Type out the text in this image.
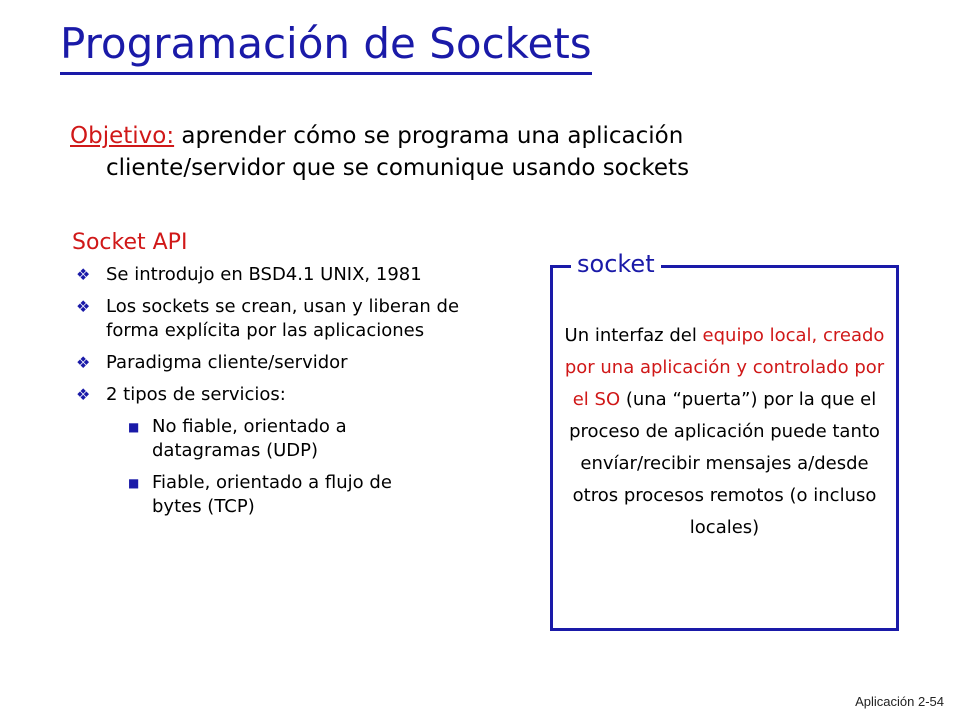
Programación de Sockets
Objetivo: aprender cómo se programa una aplicación
cliente/servidor que se comunique usando sockets
Socket API
❖ Se introdujo en BSD4.1 UNIX, 1981
❖ Los sockets se crean, usan y liberan de forma explícita por las aplicaciones
❖ Paradigma cliente/servidor
❖ 2 tipos de servicios:
■ No fiable, orientado a datagramas (UDP)
■ Fiable, orientado a flujo de bytes (TCP)
socket
Un interfaz del equipo local, creado por una aplicación y controlado por el SO (una “puerta”) por la que el proceso de aplicación puede tanto envíar/recibir mensajes a/desde otros procesos remotos (o incluso locales)
Aplicación 2-54
